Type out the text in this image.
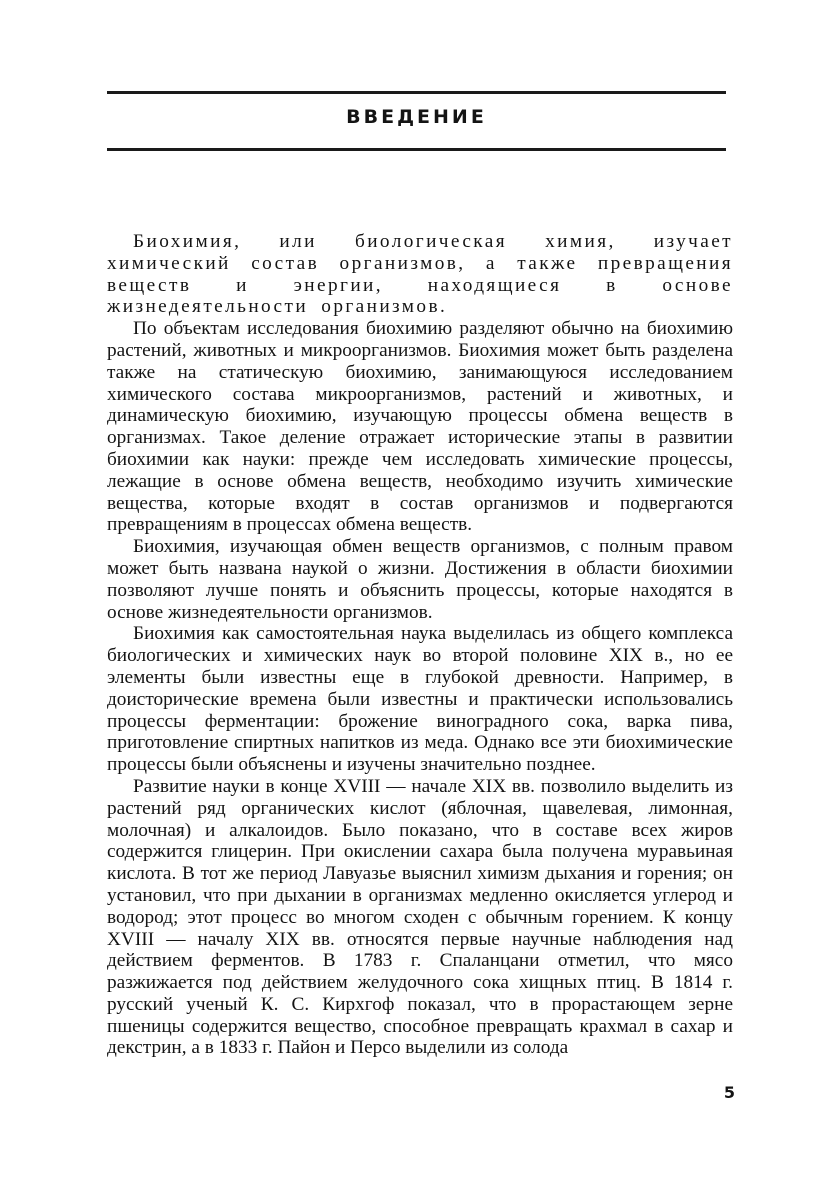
ВВЕДЕНИЕ

Биохимия, или биологическая химия, изучает химический состав организмов, а также превращения веществ и энергии, находящиеся в основе жизнедеятельности организмов.

По объектам исследования биохимию разделяют обычно на биохимию растений, животных и микроорганизмов. Биохимия может быть разделена также на статическую биохимию, занимающуюся исследованием химического состава микроорганизмов, растений и животных, и динамическую биохимию, изучающую процессы обмена веществ в организмах. Такое деление отражает исторические этапы в развитии биохимии как науки: прежде чем исследовать химические процессы, лежащие в основе обмена веществ, необходимо изучить химические вещества, которые входят в состав организмов и подвергаются превращениям в процессах обмена веществ.

Биохимия, изучающая обмен веществ организмов, с полным правом может быть названа наукой о жизни. Достижения в области биохимии позволяют лучше понять и объяснить процессы, которые находятся в основе жизнедеятельности организмов.

Биохимия как самостоятельная наука выделилась из общего комплекса биологических и химических наук во второй половине XIX в., но ее элементы были известны еще в глубокой древности. Например, в доисторические времена были известны и практически использовались процессы ферментации: брожение виноградного сока, варка пива, приготовление спиртных напитков из меда. Однако все эти биохимические процессы были объяснены и изучены значительно позднее.

Развитие науки в конце XVIII — начале XIX вв. позволило выделить из растений ряд органических кислот (яблочная, щавелевая, лимонная, молочная) и алкалоидов. Было показано, что в составе всех жиров содержится глицерин. При окислении сахара была получена муравьиная кислота. В тот же период Лавуазье выяснил химизм дыхания и горения; он установил, что при дыхании в организмах медленно окисляется углерод и водород; этот процесс во многом сходен с обычным горением. К концу XVIII — началу XIX вв. относятся первые научные наблюдения над действием ферментов. В 1783 г. Спаланцани отметил, что мясо разжижается под действием желудочного сока хищных птиц. В 1814 г. русский ученый К. С. Кирхгоф показал, что в прорастающем зерне пшеницы содержится вещество, способное превращать крахмал в сахар и декстрин, а в 1833 г. Пайон и Персо выделили из солода

5
